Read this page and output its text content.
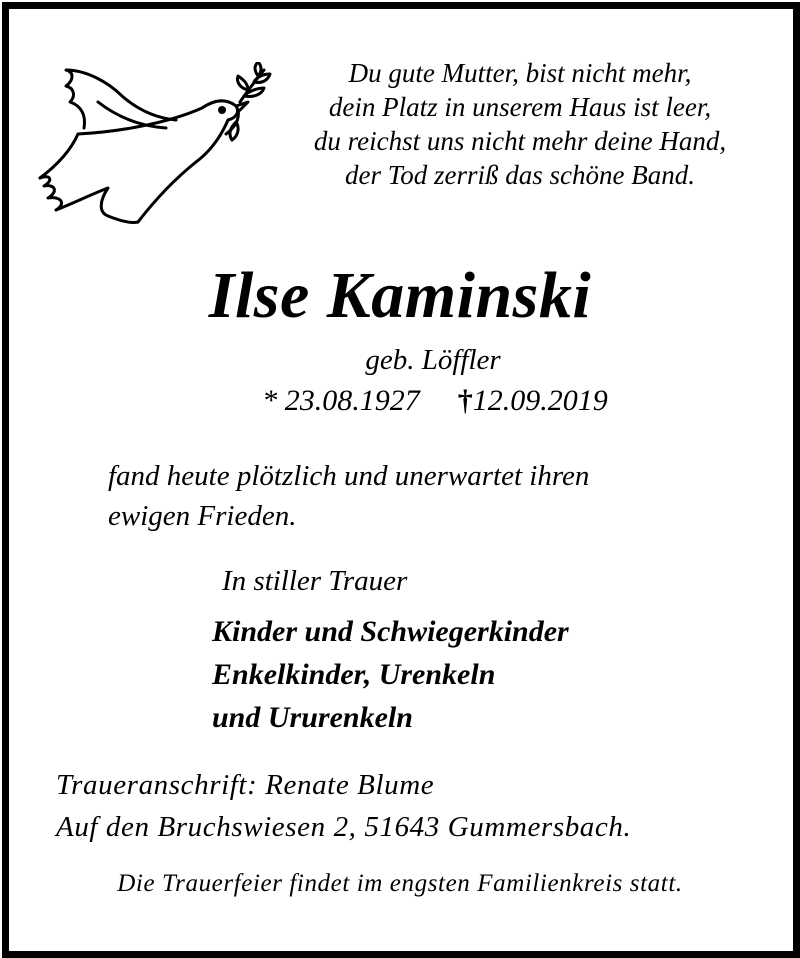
Du gute Mutter, bist nicht mehr,
dein Platz in unserem Haus ist leer,
du reichst uns nicht mehr deine Hand,
der Tod zerriß das schöne Band.
Ilse Kaminski
geb. Löffler
* 23.08.1927 †12.09.2019
fand heute plötzlich und unerwartet ihren
ewigen Frieden.
In stiller Trauer
Kinder und Schwiegerkinder
Enkelkinder, Urenkeln
und Ururenkeln
Traueranschrift: Renate Blume
Auf den Bruchswiesen 2, 51643 Gummersbach.
Die Trauerfeier findet im engsten Familienkreis statt.
